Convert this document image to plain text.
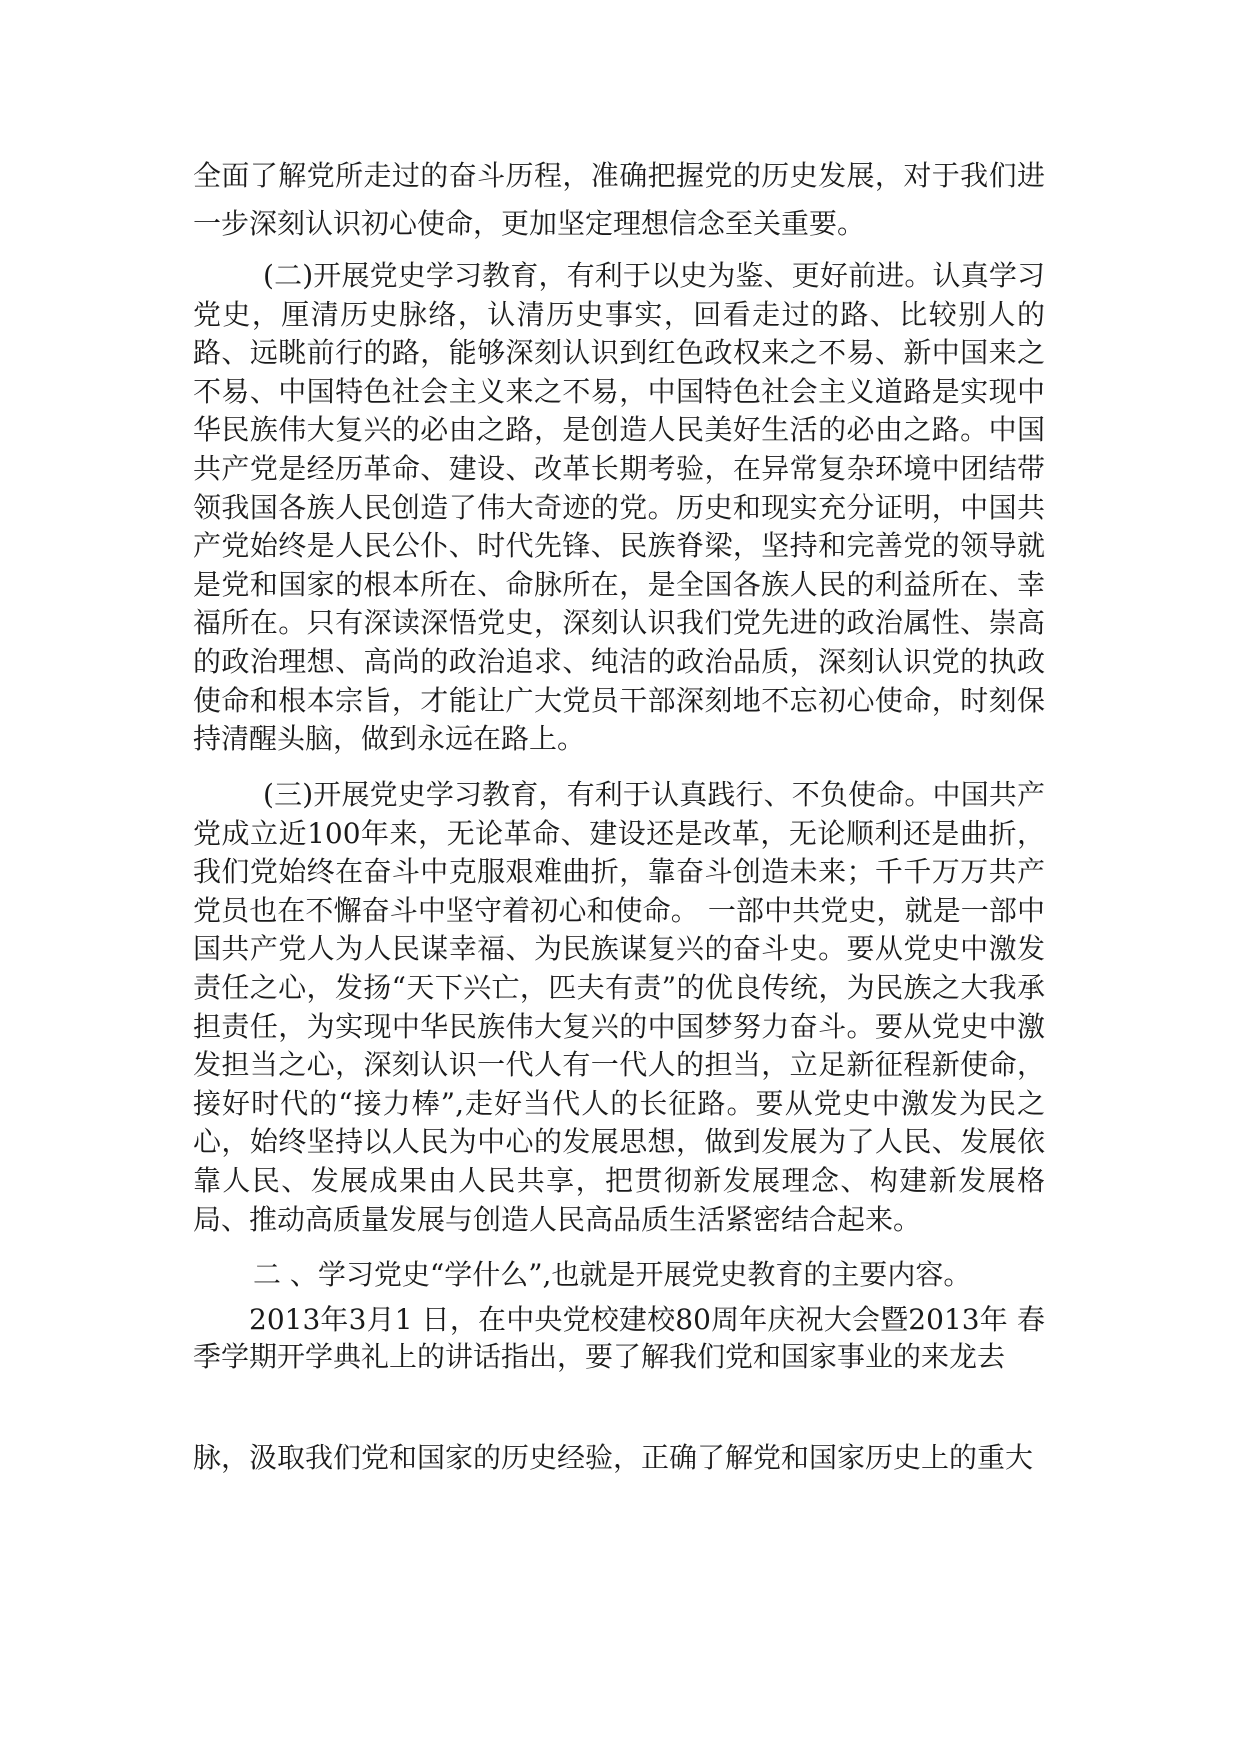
全面了解党所走过的奋斗历程，准确把握党的历史发展，对于我们进一步深刻认识初心使命，更加坚定理想信念至关重要。

(二)开展党史学习教育，有利于以史为鉴、更好前进。认真学习党史，厘清历史脉络，认清历史事实，回看走过的路、比较别人的路、远眺前行的路，能够深刻认识到红色政权来之不易、新中国来之不易、中国特色社会主义来之不易，中国特色社会主义道路是实现中华民族伟大复兴的必由之路，是创造人民美好生活的必由之路。中国共产党是经历革命、建设、改革长期考验，在异常复杂环境中团结带领我国各族人民创造了伟大奇迹的党。历史和现实充分证明，中国共产党始终是人民公仆、时代先锋、民族脊梁，坚持和完善党的领导就是党和国家的根本所在、命脉所在，是全国各族人民的利益所在、幸福所在。只有深读深悟党史，深刻认识我们党先进的政治属性、崇高的政治理想、高尚的政治追求、纯洁的政治品质，深刻认识党的执政使命和根本宗旨，才能让广大党员干部深刻地不忘初心使命，时刻保持清醒头脑，做到永远在路上。

(三)开展党史学习教育，有利于认真践行、不负使命。中国共产党成立近100年来，无论革命、建设还是改革，无论顺利还是曲折，我们党始终在奋斗中克服艰难曲折，靠奋斗创造未来；千千万万共产党员也在不懈奋斗中坚守着初心和使命。 一部中共党史，就是一部中国共产党人为人民谋幸福、为民族谋复兴的奋斗史。要从党史中激发责任之心，发扬“天下兴亡，匹夫有责”的优良传统，为民族之大我承担责任，为实现中华民族伟大复兴的中国梦努力奋斗。要从党史中激发担当之心，深刻认识一代人有一代人的担当，立足新征程新使命，接好时代的“接力棒”,走好当代人的长征路。要从党史中激发为民之心，始终坚持以人民为中心的发展思想，做到发展为了人民、发展依靠人民、发展成果由人民共享，把贯彻新发展理念、构建新发展格局、推动高质量发展与创造人民高品质生活紧密结合起来。

二 、学习党史“学什么”,也就是开展党史教育的主要内容。

2013年3月1 日，在中央党校建校80周年庆祝大会暨2013年 春季学期开学典礼上的讲话指出，要了解我们党和国家事业的来龙去

脉，汲取我们党和国家的历史经验，正确了解党和国家历史上的重大
